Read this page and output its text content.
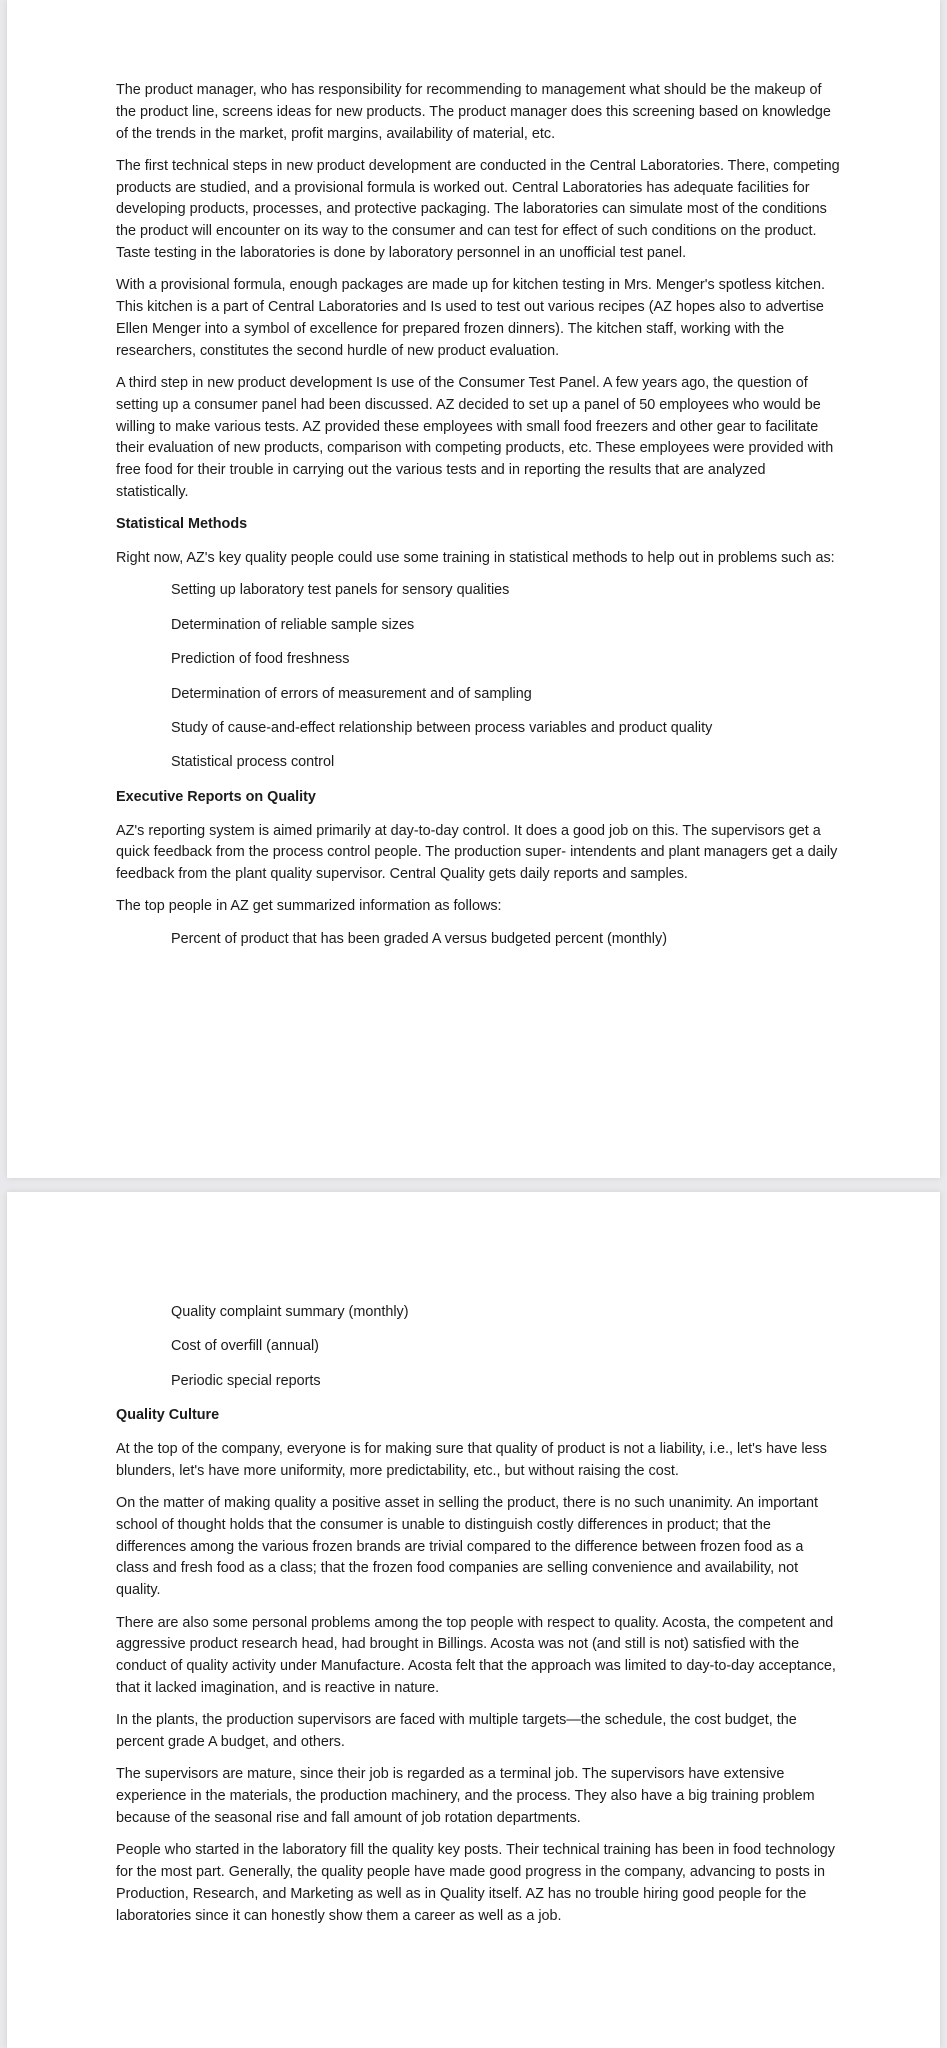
The product manager, who has responsibility for recommending to management what should be the makeup of the product line, screens ideas for new products. The product manager does this screening based on knowledge of the trends in the market, profit margins, availability of material, etc.

The first technical steps in new product development are conducted in the Central Laboratories. There, competing products are studied, and a provisional formula is worked out. Central Laboratories has adequate facilities for developing products, processes, and protective packaging. The laboratories can simulate most of the conditions the product will encounter on its way to the consumer and can test for effect of such conditions on the product. Taste testing in the laboratories is done by laboratory personnel in an unofficial test panel.

With a provisional formula, enough packages are made up for kitchen testing in Mrs. Menger's spotless kitchen. This kitchen is a part of Central Laboratories and Is used to test out various recipes (AZ hopes also to advertise Ellen Menger into a symbol of excellence for prepared frozen dinners). The kitchen staff, working with the researchers, constitutes the second hurdle of new product evaluation.

A third step in new product development Is use of the Consumer Test Panel. A few years ago, the question of setting up a consumer panel had been discussed. AZ decided to set up a panel of 50 employees who would be willing to make various tests. AZ provided these employees with small food freezers and other gear to facilitate their evaluation of new products, comparison with competing products, etc. These employees were provided with free food for their trouble in carrying out the various tests and in reporting the results that are analyzed statistically.

Statistical Methods

Right now, AZ's key quality people could use some training in statistical methods to help out in problems such as:

Setting up laboratory test panels for sensory qualities
Determination of reliable sample sizes
Prediction of food freshness
Determination of errors of measurement and of sampling
Study of cause-and-effect relationship between process variables and product quality
Statistical process control
Executive Reports on Quality

AZ's reporting system is aimed primarily at day-to-day control. It does a good job on this. The supervisors get a quick feedback from the process control people. The production super- intendents and plant managers get a daily feedback from the plant quality supervisor. Central Quality gets daily reports and samples.

The top people in AZ get summarized information as follows:

Percent of product that has been graded A versus budgeted percent (monthly)
Quality complaint summary (monthly)
Cost of overfill (annual)
Periodic special reports
Quality Culture

At the top of the company, everyone is for making sure that quality of product is not a liability, i.e., let's have less blunders, let's have more uniformity, more predictability, etc., but without raising the cost.

On the matter of making quality a positive asset in selling the product, there is no such unanimity. An important school of thought holds that the consumer is unable to distinguish costly differences in product; that the differences among the various frozen brands are trivial compared to the difference between frozen food as a class and fresh food as a class; that the frozen food companies are selling convenience and availability, not quality.

There are also some personal problems among the top people with respect to quality. Acosta, the competent and aggressive product research head, had brought in Billings. Acosta was not (and still is not) satisfied with the conduct of quality activity under Manufacture. Acosta felt that the approach was limited to day-to-day acceptance, that it lacked imagination, and is reactive in nature.

In the plants, the production supervisors are faced with multiple targets—the schedule, the cost budget, the percent grade A budget, and others.

The supervisors are mature, since their job is regarded as a terminal job. The supervisors have extensive experience in the materials, the production machinery, and the process. They also have a big training problem because of the seasonal rise and fall amount of job rotation departments.

People who started in the laboratory fill the quality key posts. Their technical training has been in food technology for the most part. Generally, the quality people have made good progress in the company, advancing to posts in Production, Research, and Marketing as well as in Quality itself. AZ has no trouble hiring good people for the laboratories since it can honestly show them a career as well as a job.
